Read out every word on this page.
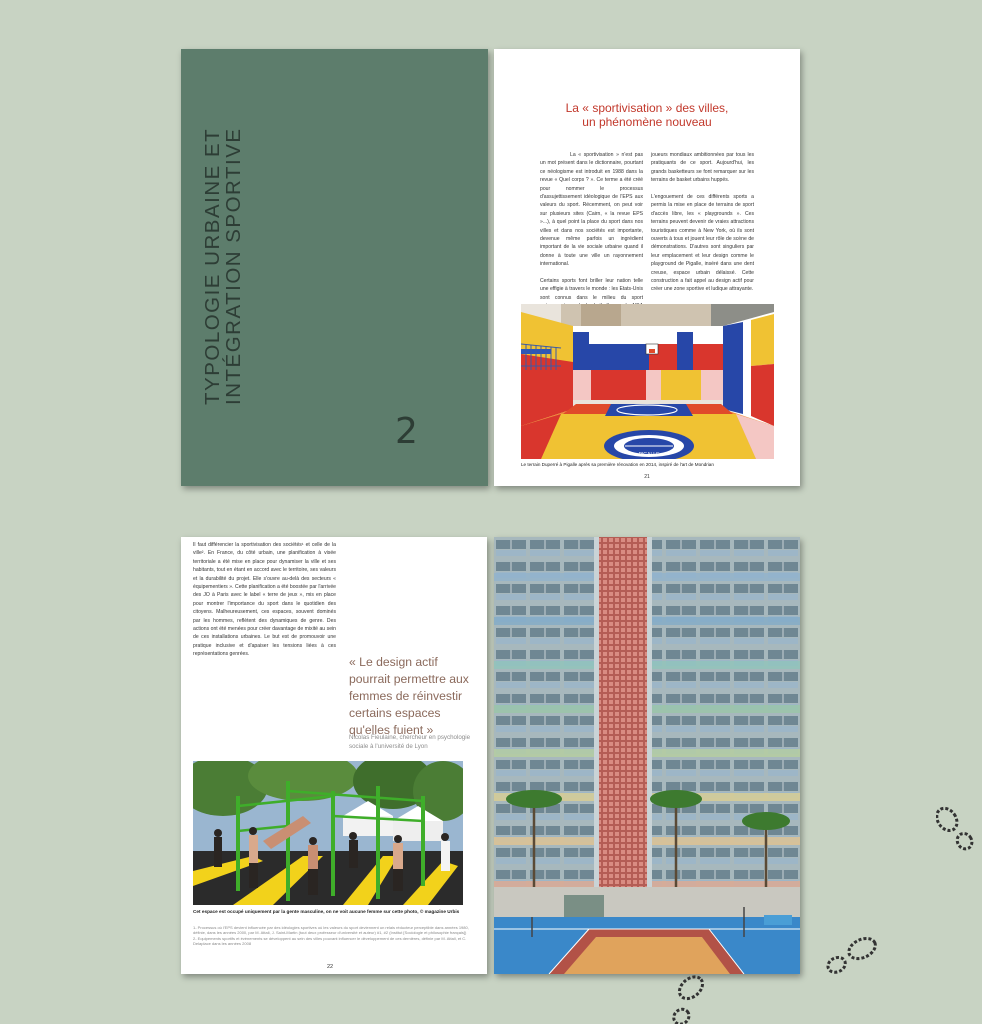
TYPOLOGIE URBAINE ET
INTÉGRATION SPORTIVE
2
La « sportivisation » des villes,
un phénomène nouveau

La « sportivisation » n'est pas un mot présent dans le dictionnaire, pourtant ce néologisme est introduit en 1988 dans la revue « Quel corps ? ». Ce terme a été créé pour nommer le processus d'assujettissement idéologique de l'EPS aux valeurs du sport. Récemment, on peut voir sur plusieurs sites (Cairn, « la revue EPS »...), à quel point la place du sport dans nos villes et dans nos sociétés est importante, devenue même parfois un ingrédient important de la vie sociale urbaine quand il donne à toute une ville un rayonnement international.

Certains sports font briller leur nation telle une effigie à travers le monde : les Etats-Unis sont connus dans le milieu du sport

joueurs mondiaux ambitionnées par tous les pratiquants de ce sport. Aujourd'hui, les grands basketteurs se font remarquer sur les terrains de basket urbains huppés.

L'engouement de ces différents sports a permis la mise en place de terrains de sport d'accès libre, les « playgrounds ». Ces terrains peuvent devenir de vraies attractions touristiques comme à New York, où ils sont ouverts à tous et jouent leur rôle de scène de démonstrations. D'autres sont singuliers par leur emplacement et leur design comme le playground de Pigalle, inséré dans une dent creuse, espace urbain délaissé. Cette construction a fait appel au design actif pour créer une zone sportive et ludique attrayante.

PIGALLE
Le terrain Duperré à Pigalle après sa première rénovation en 2014, inspiré de l'art de Mondrian
21

Il faut différencier la sportivisation des sociétés¹ et celle de la ville². En France, du côté urbain, une planification à visée territoriale a été mise en place pour dynamiser la ville et ses habitants, tout en étant en accord avec le territoire, ses valeurs et la durabilité du projet. Elle s'ouvre au-delà des secteurs « équipementiers ». Cette planification a été boostée par l'arrivée des JO à Paris avec le label « terre de jeux », mis en place pour montrer l'importance du sport dans le quotidien des citoyens. Malheureusement, ces espaces, souvent dominés par les hommes, reflètent des dynamiques de genre. Des actions ont été menées pour créer davantage de mixité au sein de ces installations urbaines. Le but est de promouvoir une pratique inclusive et d'apaiser les tensions liées à ces représentations genrées.

« Le design actif pourrait permettre aux femmes de réinvestir certains espaces qu'elles fuient »
Nicolas Fieulaine, chercheur en psychologie sociale à l'université de Lyon
Cet espace est occupé uniquement par la gente masculine, on ne voit aucune femme sur cette photo, © magazine Urbis
1- Processus où l'EPS devient influencée par des idéologies sportives où les valeurs du sport deviennent un relais réducteur perceptible dans années 1980, définie, dans les années 2000, par M. Attali, J. Saint-Martin (tout deux professeur d'université et auteur) #1, #2 (Institut [Sociologie et philosophie français])
2- Equipements sportifs et évènements se développent au sein des villes pouvant influencer le développement de ces dernières, définie par M. Attali, et C. Delaplace dans les années 2008
22
